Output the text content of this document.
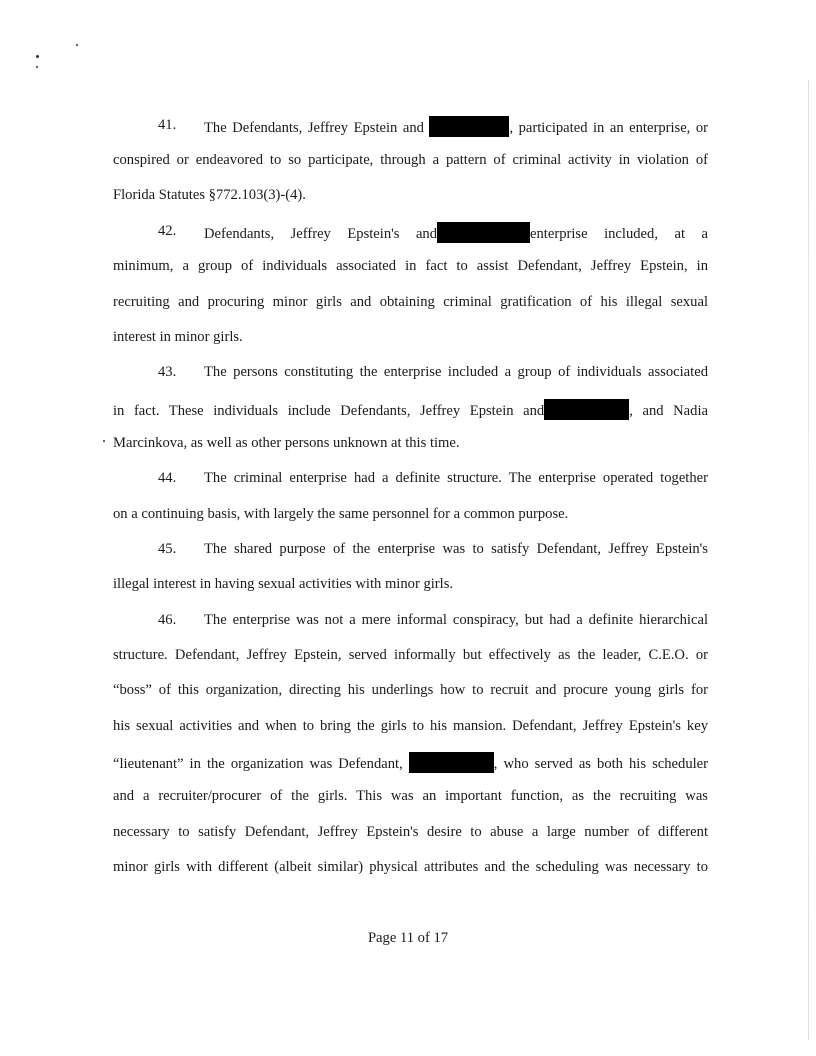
41. The Defendants, Jeffrey Epstein and	, participated in an enterprise, or
conspired or endeavored to so participate, through a pattern of criminal activity in violation of
Florida Statutes §772.103(3)-(4).
42. Defendants, Jeffrey Epstein's and	enterprise included, at a
minimum, a group of individuals associated in fact to assist Defendant, Jeffrey Epstein, in
recruiting and procuring minor girls and obtaining criminal gratification of his illegal sexual
interest in minor girls.
43. The persons constituting the enterprise included a group of individuals associated
in fact. These individuals include Defendants, Jeffrey Epstein and	, and Nadia
Marcinkova, as well as other persons unknown at this time.
44. The criminal enterprise had a definite structure. The enterprise operated together
on a continuing basis, with largely the same personnel for a common purpose.
45. The shared purpose of the enterprise was to satisfy Defendant, Jeffrey Epstein's
illegal interest in having sexual activities with minor girls.
46. The enterprise was not a mere informal conspiracy, but had a definite hierarchical
structure. Defendant, Jeffrey Epstein, served informally but effectively as the leader, C.E.O. or
“boss” of this organization, directing his underlings how to recruit and procure young girls for
his sexual activities and when to bring the girls to his mansion. Defendant, Jeffrey Epstein's key
“lieutenant” in the organization was Defendant,	, who served as both his scheduler
and a recruiter/procurer of the girls. This was an important function, as the recruiting was
necessary to satisfy Defendant, Jeffrey Epstein's desire to abuse a large number of different
minor girls with different (albeit similar) physical attributes and the scheduling was necessary to
Page 11 of 17
